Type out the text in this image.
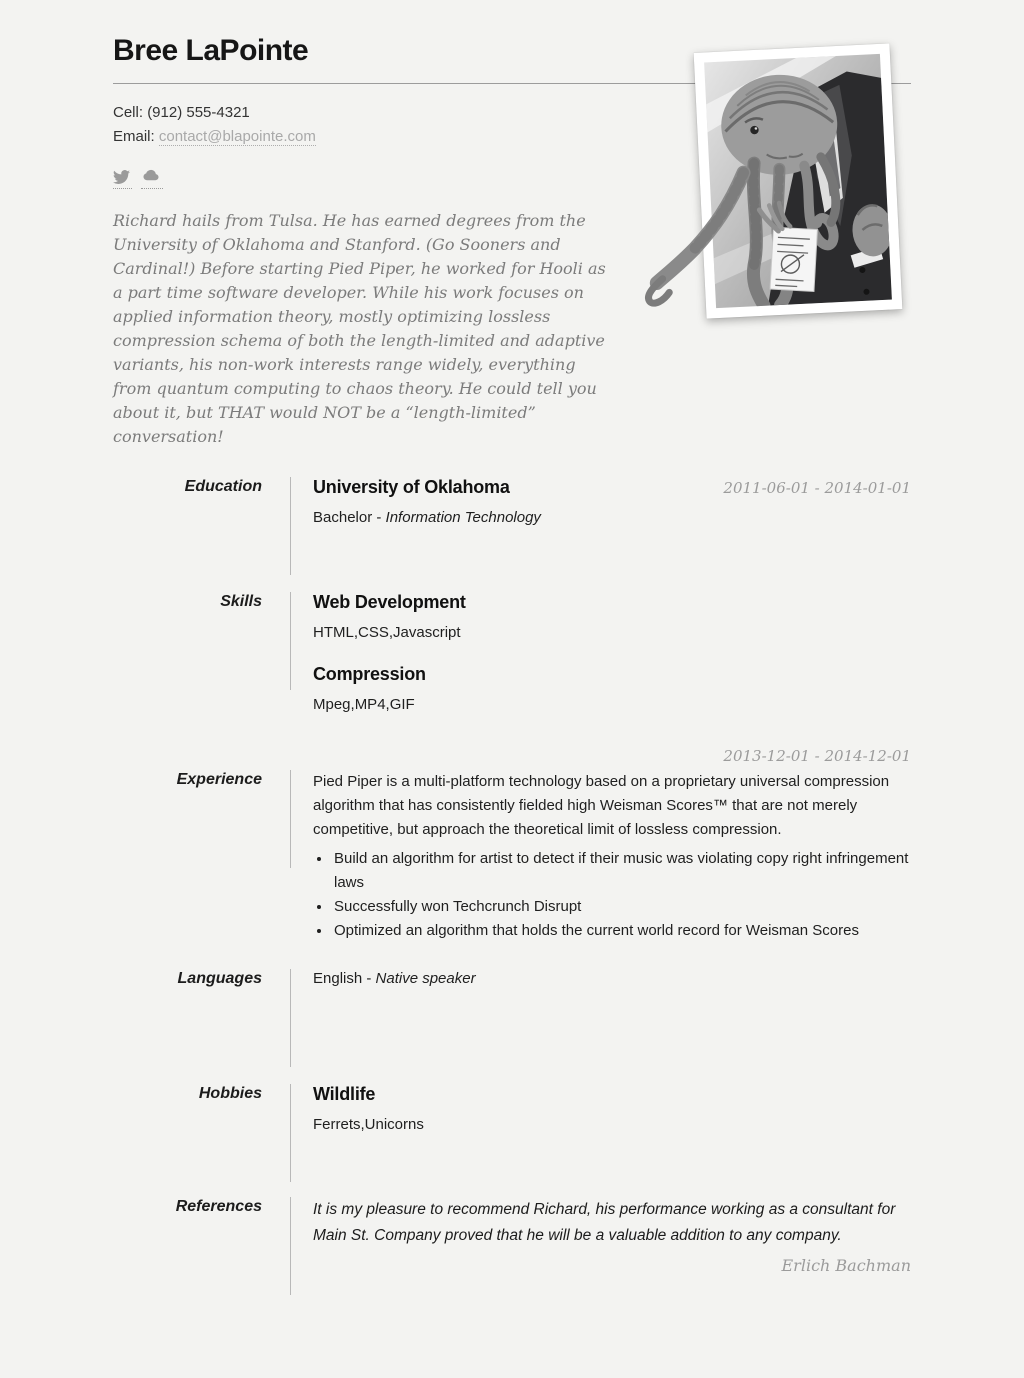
Bree LaPointe
Cell: (912) 555-4321
Email: contact@blapointe.com

Richard hails from Tulsa. He has earned degrees from the University of Oklahoma and Stanford. (Go Sooners and Cardinal!) Before starting Pied Piper, he worked for Hooli as a part time software developer. While his work focuses on applied information theory, mostly optimizing lossless compression schema of both the length-limited and adaptive variants, his non-work interests range widely, everything from quantum computing to chaos theory. He could tell you about it, but THAT would NOT be a “length-limited” conversation!

Education	University of Oklahoma	2011-06-01 - 2014-01-01
Bachelor - Information Technology
Skills	Web Development
HTML,CSS,Javascript
Compression
Mpeg,MP4,GIF
2013-12-01 - 2014-12-01
Experience	Pied Piper is a multi-platform technology based on a proprietary universal compression algorithm that has consistently fielded high Weisman Scores™ that are not merely competitive, but approach the theoretical limit of lossless compression.

• Build an algorithm for artist to detect if their music was violating copy right infringement laws
• Successfully won Techcrunch Disrupt
• Optimized an algorithm that holds the current world record for Weisman Scores
Languages	English - Native speaker
Hobbies	Wildlife
Ferrets,Unicorns
References	It is my pleasure to recommend Richard, his performance working as a consultant for Main St. Company proved that he will be a valuable addition to any company.

Erlich Bachman
